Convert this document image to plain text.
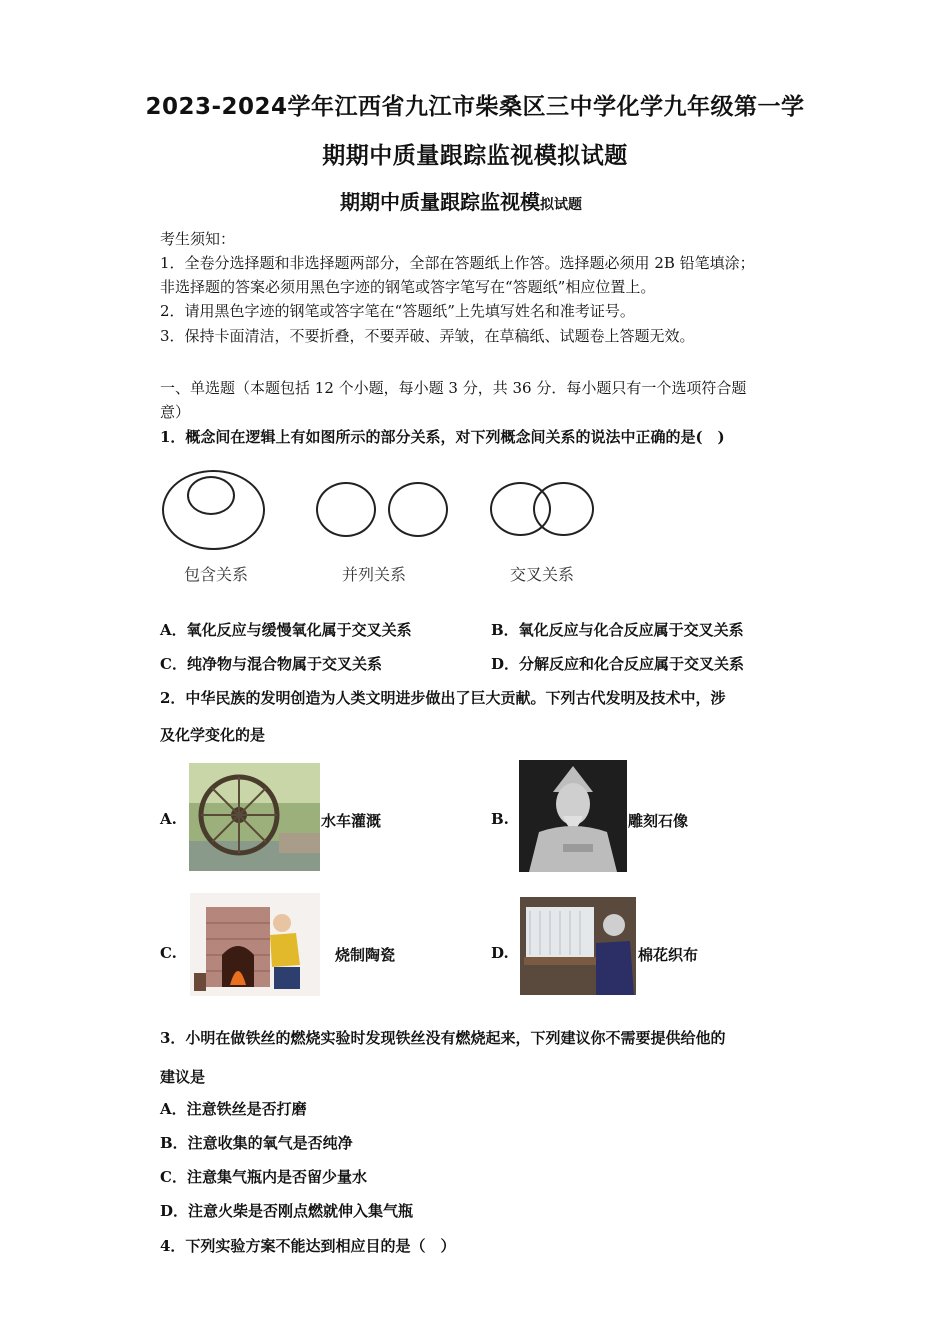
2023-2024学年江西省九江市柴桑区三中学化学九年级第一学
期期中质量跟踪监视模拟试题
期期中质量跟踪监视模拟试题
考生须知：
1．全卷分选择题和非选择题两部分，全部在答题纸上作答。选择题必须用 2B 铅笔填涂；
非选择题的答案必须用黑色字迹的钢笔或答字笔写在“答题纸”相应位置上。
2．请用黑色字迹的钢笔或答字笔在“答题纸”上先填写姓名和准考证号。
3．保持卡面清洁，不要折叠，不要弄破、弄皱，在草稿纸、试题卷上答题无效。
一、单选题（本题包括 12 个小题，每小题 3 分，共 36 分．每小题只有一个选项符合题
意）
1．概念间在逻辑上有如图所示的部分关系，对下列概念间关系的说法中正确的是(　)
包含关系	并列关系	交叉关系
A．氧化反应与缓慢氧化属于交叉关系	B．氧化反应与化合反应属于交叉关系
C．纯净物与混合物属于交叉关系	D．分解反应和化合反应属于交叉关系
2．中华民族的发明创造为人类文明进步做出了巨大贡献。下列古代发明及技术中，涉
及化学变化的是
A.	水车灌溉	B.	雕刻石像
C.	烧制陶瓷	D.	棉花织布
3．小明在做铁丝的燃烧实验时发现铁丝没有燃烧起来，下列建议你不需要提供给他的
建议是
A．注意铁丝是否打磨
B．注意收集的氧气是否纯净
C．注意集气瓶内是否留少量水
D．注意火柴是否刚点燃就伸入集气瓶
4．下列实验方案不能达到相应目的是（　）
